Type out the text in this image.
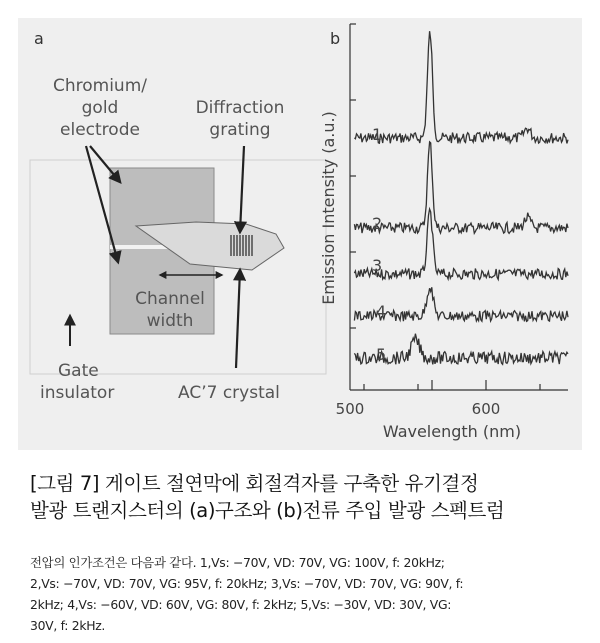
a
Chromium/
gold
electrode
Diffraction
grating
Channel
width
Gate
insulator	AC’7 crystal
b
1
2
3
4
5
500	600
Wavelength (nm)
Emission Intensity (a.u.)
[그림 7] 게이트 절연막에 회절격자를 구축한 유기결정
발광 트랜지스터의 (a)구조와 (b)전류 주입 발광 스펙트럼
전압의 인가조건은 다음과 같다. 1,Vs: −70V, VD: 70V, VG: 100V, f: 20kHz;
2,Vs: −70V, VD: 70V, VG: 95V, f: 20kHz; 3,Vs: −70V, VD: 70V, VG: 90V, f:
2kHz; 4,Vs: −60V, VD: 60V, VG: 80V, f: 2kHz; 5,Vs: −30V, VD: 30V, VG:
30V, f: 2kHz.
